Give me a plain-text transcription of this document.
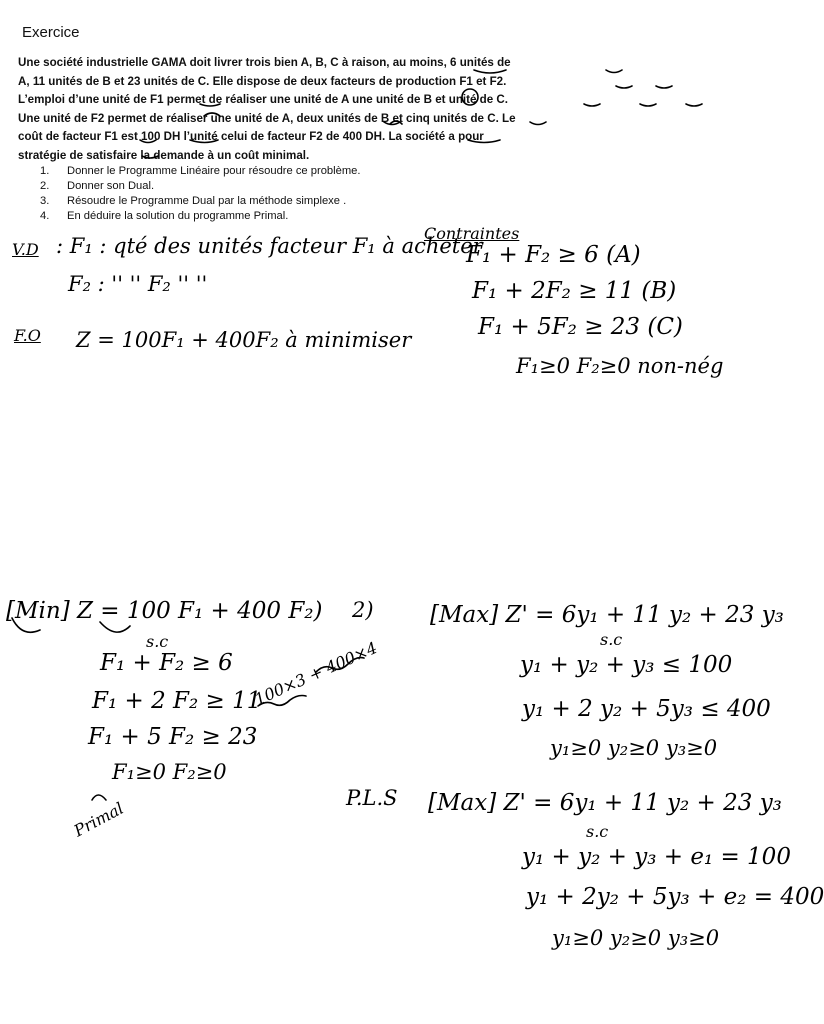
Exercice
Une société industrielle GAMA doit livrer trois bien A, B, C à raison, au moins, 6 unités de
A, 11 unités de B et 23 unités de C. Elle dispose de deux facteurs de production F1 et F2.
L’emploi d’une unité de F1 permet de réaliser une unité de A une unité de B et unité de C.
Une unité de F2 permet de réaliser une unité de A, deux unités de B et cinq unités de C. Le
coût de facteur F1 est 100 DH l’unité celui de facteur F2 de 400 DH. La société a pour
stratégie de satisfaire la demande à un coût minimal.
1. Donner le Programme Linéaire pour résoudre ce problème.
2. Donner son Dual.
3. Résoudre le Programme Dual par la méthode simplexe .
4. En déduire la solution du programme Primal.
V.D : F₁ : qté des unités facteur F₁ à acheter
F₂ : '' '' F₂ '' ''
F.O Z = 100F₁ + 400F₂ à minimiser
Contraintes
F₁ + F₂ ≥ 6 (A)
F₁ + 2F₂ ≥ 11 (B)
F₁ + 5F₂ ≥ 23 (C)
F₁≥0 F₂≥0 non-nég
[Min] Z = 100 F₁ + 400 F₂)
s.c
F₁ + F₂ ≥ 6
F₁ + 2 F₂ ≥ 11
F₁ + 5 F₂ ≥ 23
F₁≥0 F₂≥0
Primal
2)
100×3 + 400×4
[Max] Z' = 6y₁ + 11 y₂ + 23 y₃
s.c
y₁ + y₂ + y₃ ≤ 100
y₁ + 2 y₂ + 5y₃ ≤ 400
y₁≥0 y₂≥0 y₃≥0
P.L.S [Max] Z' = 6y₁ + 11 y₂ + 23 y₃
s.c
y₁ + y₂ + y₃ + e₁ = 100
y₁ + 2y₂ + 5y₃ + e₂ = 400
y₁≥0 y₂≥0 y₃≥0
